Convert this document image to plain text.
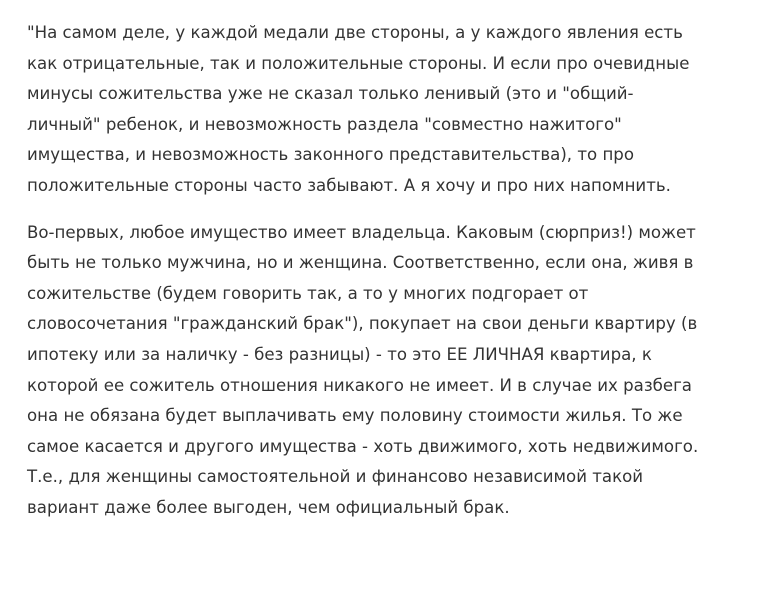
"На самом деле, у каждой медали две стороны, а у каждого явления есть
как отрицательные, так и положительные стороны. И если про очевидные
минусы сожительства уже не сказал только ленивый (это и "общий-
личный" ребенок, и невозможность раздела "совместно нажитого"
имущества, и невозможность законного представительства), то про
положительные стороны часто забывают. А я хочу и про них напомнить.

Во-первых, любое имущество имеет владельца. Каковым (сюрприз!) может
быть не только мужчина, но и женщина. Соответственно, если она, живя в
сожительстве (будем говорить так, а то у многих подгорает от
словосочетания "гражданский брак"), покупает на свои деньги квартиру (в
ипотеку или за наличку - без разницы) - то это ЕЕ ЛИЧНАЯ квартира, к
которой ее сожитель отношения никакого не имеет. И в случае их разбега
она не обязана будет выплачивать ему половину стоимости жилья. То же
самое касается и другого имущества - хоть движимого, хоть недвижимого.
Т.е., для женщины самостоятельной и финансово независимой такой
вариант даже более выгоден, чем официальный брак.
